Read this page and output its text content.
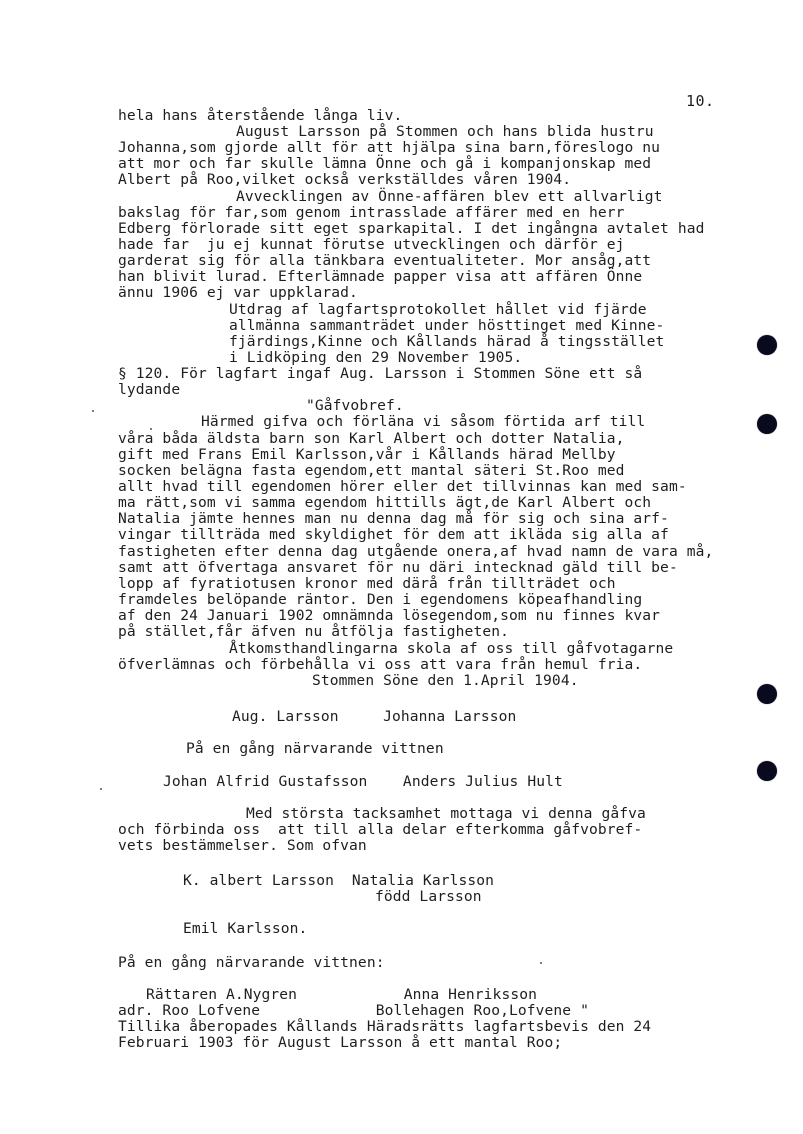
10.
hela hans återstående långa liv.
August Larsson på Stommen och hans blida hustru
Johanna,som gjorde allt för att hjälpa sina barn,föreslogo nu
att mor och far skulle lämna Önne och gå i kompanjonskap med
Albert på Roo,vilket också verkställdes våren 1904.
Avvecklingen av Önne-affären blev ett allvarligt
bakslag för far,som genom intrasslade affärer med en herr
Edberg förlorade sitt eget sparkapital. I det ingångna avtalet had
hade far  ju ej kunnat förutse utvecklingen och därför ej
garderat sig för alla tänkbara eventualiteter. Mor ansåg,att
han blivit lurad. Efterlämnade papper visa att affären Önne
ännu 1906 ej var uppklarad.
Utdrag af lagfartsprotokollet hållet vid fjärde
allmänna sammanträdet under hösttinget med Kinne-
fjärdings,Kinne och Kållands härad å tingsstället
i Lidköping den 29 November 1905.
§ 120. För lagfart ingaf Aug. Larsson i Stommen Söne ett så
lydande
"Gåfvobref.
Härmed gifva och förläna vi såsom förtida arf till
våra båda äldsta barn son Karl Albert och dotter Natalia,
gift med Frans Emil Karlsson,vår i Kållands härad Mellby
socken belägna fasta egendom,ett mantal säteri St.Roo med
allt hvad till egendomen hörer eller det tillvinnas kan med sam-
ma rätt,som vi samma egendom hittills ägt,de Karl Albert och
Natalia jämte hennes man nu denna dag må för sig och sina arf-
vingar tillträda med skyldighet för dem att ikläda sig alla af
fastigheten efter denna dag utgående onera,af hvad namn de vara må,
samt att öfvertaga ansvaret för nu däri intecknad gäld till be-
lopp af fyratiotusen kronor med därå från tillträdet och
framdeles belöpande räntor. Den i egendomens köpeafhandling
af den 24 Januari 1902 omnämnda lösegendom,som nu finnes kvar
på stället,får äfven nu åtfölja fastigheten.
Åtkomsthandlingarna skola af oss till gåfvotagarne
öfverlämnas och förbehålla vi oss att vara från hemul fria.
Stommen Söne den 1.April 1904.
Aug. Larsson     Johanna Larsson
På en gång närvarande vittnen
Johan Alfrid Gustafsson    Anders Julius Hult
Med största tacksamhet mottaga vi denna gåfva
och förbinda oss  att till alla delar efterkomma gåfvobref-
vets bestämmelser. Som ofvan
K. albert Larsson  Natalia Karlsson
född Larsson
Emil Karlsson.
På en gång närvarande vittnen:
Rättaren A.Nygren            Anna Henriksson
adr. Roo Lofvene             Bollehagen Roo,Lofvene "
Tillika åberopades Kållands Häradsrätts lagfartsbevis den 24
Februari 1903 för August Larsson å ett mantal Roo;
